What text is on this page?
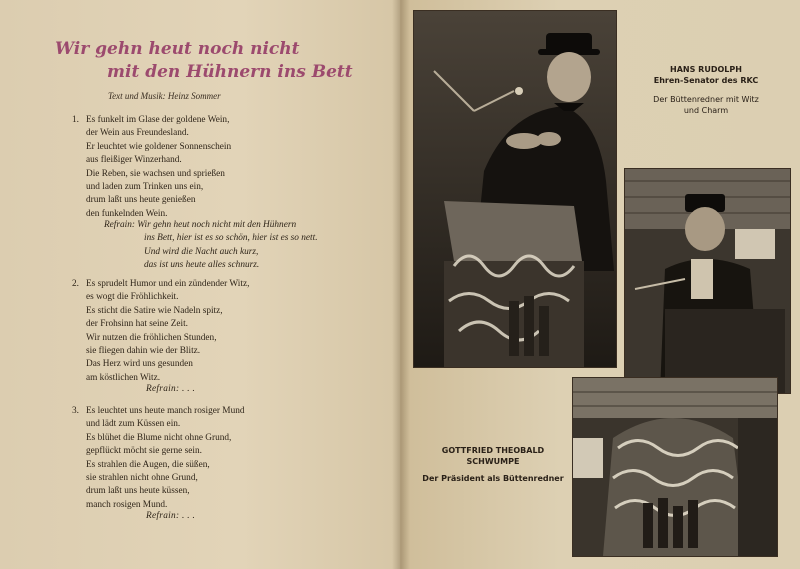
Wir gehn heut noch nicht

mit den Hühnern ins Bett
Text und Musik: Heinz Sommer
1. Es funkelt im Glase der goldene Wein,
der Wein aus Freundesland.
Er leuchtet wie goldener Sonnenschein
aus fleißiger Winzerhand.
Die Reben, sie wachsen und sprießen
und laden zum Trinken uns ein,
drum laßt uns heute genießen
den funkelnden Wein.
Refrain: Wir gehn heut noch nicht mit den Hühnern
ins Bett, hier ist es so schön, hier ist es so nett.
Und wird die Nacht auch kurz,
das ist uns heute alles schnurz.
2. Es sprudelt Humor und ein zündender Witz,
es wogt die Fröhlichkeit.
Es sticht die Satire wie Nadeln spitz,
der Frohsinn hat seine Zeit.
Wir nutzen die fröhlichen Stunden,
sie fliegen dahin wie der Blitz.
Das Herz wird uns gesunden
am köstlichen Witz.
Refrain: . . .
3. Es leuchtet uns heute manch rosiger Mund
und lädt zum Küssen ein.
Es blühet die Blume nicht ohne Grund,
gepflückt möcht sie gerne sein.
Es strahlen die Augen, die süßen,
sie strahlen nicht ohne Grund,
drum laßt uns heute küssen,
manch rosigen Mund.
Refrain: . . .
HANS RUDOLPH
Ehren-Senator des RKC
Der Büttenredner mit Witz
und Charm
GOTTFRIED THEOBALD
SCHWUMPE
Der Präsident als Büttenredner
